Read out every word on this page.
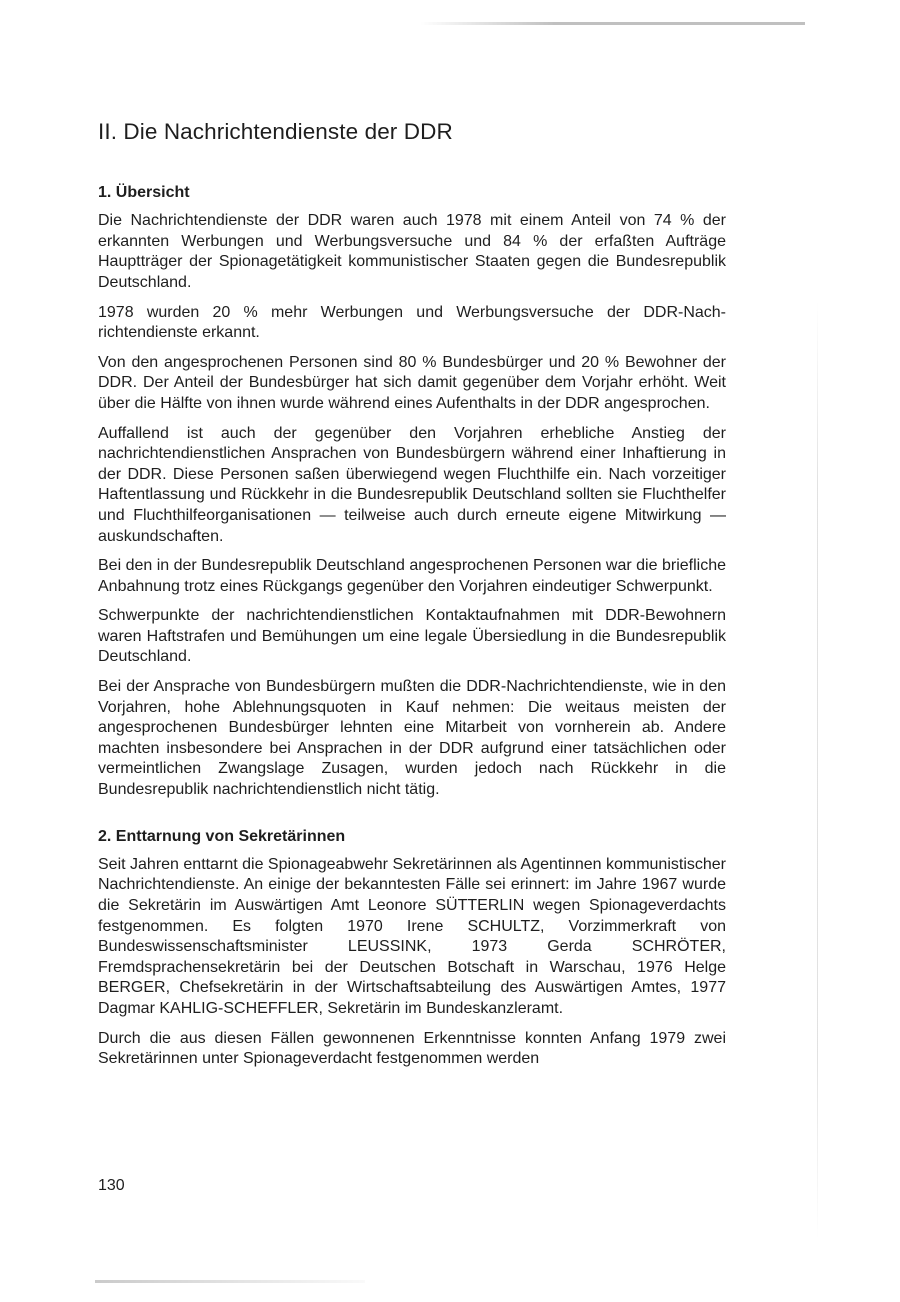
II. Die Nachrichtendienste der DDR
1. Übersicht

Die Nachrichtendienste der DDR waren auch 1978 mit einem Anteil von 74 % der erkannten Werbungen und Werbungsversuche und 84 % der erfaßten Aufträge Hauptträger der Spionagetätigkeit kommunistischer Staaten gegen die Bundesrepublik Deutschland.

1978 wurden 20 % mehr Werbungen und Werbungsversuche der DDR-Nachrichtendienste erkannt.

Von den angesprochenen Personen sind 80 % Bundesbürger und 20 % Bewohner der DDR. Der Anteil der Bundesbürger hat sich damit gegenüber dem Vorjahr erhöht. Weit über die Hälfte von ihnen wurde während eines Aufenthalts in der DDR angesprochen.

Auffallend ist auch der gegenüber den Vorjahren erhebliche Anstieg der nachrichtendienstlichen Ansprachen von Bundesbürgern während einer Inhaftierung in der DDR. Diese Personen saßen überwiegend wegen Fluchthilfe ein. Nach vorzeitiger Haftentlassung und Rückkehr in die Bundesrepublik Deutschland sollten sie Fluchthelfer und Fluchthilfeorganisationen — teilweise auch durch erneute eigene Mitwirkung — auskundschaften.

Bei den in der Bundesrepublik Deutschland angesprochenen Personen war die briefliche Anbahnung trotz eines Rückgangs gegenüber den Vorjahren eindeutiger Schwerpunkt.

Schwerpunkte der nachrichtendienstlichen Kontaktaufnahmen mit DDR-Bewohnern waren Haftstrafen und Bemühungen um eine legale Übersiedlung in die Bundesrepublik Deutschland.

Bei der Ansprache von Bundesbürgern mußten die DDR-Nachrichtendienste, wie in den Vorjahren, hohe Ablehnungsquoten in Kauf nehmen: Die weitaus meisten der angesprochenen Bundesbürger lehnten eine Mitarbeit von vornherein ab. Andere machten insbesondere bei Ansprachen in der DDR aufgrund einer tatsächlichen oder vermeintlichen Zwangslage Zusagen, wurden jedoch nach Rückkehr in die Bundesrepublik nachrichtendienstlich nicht tätig.

2. Enttarnung von Sekretärinnen

Seit Jahren enttarnt die Spionageabwehr Sekretärinnen als Agentinnen kommunistischer Nachrichtendienste. An einige der bekanntesten Fälle sei erinnert: im Jahre 1967 wurde die Sekretärin im Auswärtigen Amt Leonore SÜTTERLIN wegen Spionageverdachts festgenommen. Es folgten 1970 Irene SCHULTZ, Vorzimmerkraft von Bundeswissenschaftsminister LEUSSINK, 1973 Gerda SCHRÖTER, Fremdsprachensekretärin bei der Deutschen Botschaft in Warschau, 1976 Helge BERGER, Chefsekretärin in der Wirtschaftsabteilung des Auswärtigen Amtes, 1977 Dagmar KAHLIG-SCHEFFLER, Sekretärin im Bundeskanzleramt.

Durch die aus diesen Fällen gewonnenen Erkenntnisse konnten Anfang 1979 zwei Sekretärinnen unter Spionageverdacht festgenommen werden

130
